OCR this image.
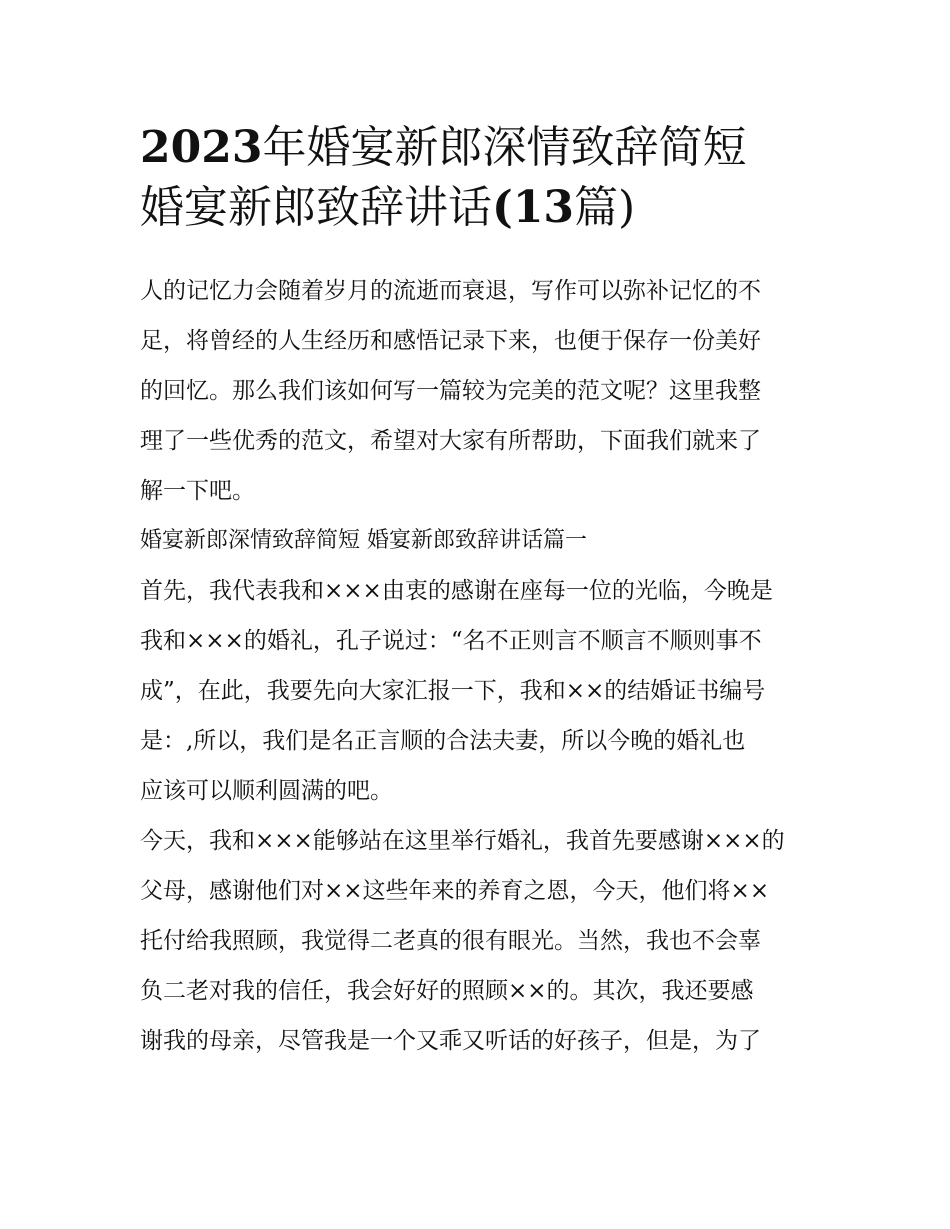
2023年婚宴新郎深情致辞简短
婚宴新郎致辞讲话(13篇)

人的记忆力会随着岁月的流逝而衰退，写作可以弥补记忆的不
足，将曾经的人生经历和感悟记录下来，也便于保存一份美好
的回忆。那么我们该如何写一篇较为完美的范文呢？这里我整
理了一些优秀的范文，希望对大家有所帮助，下面我们就来了
解一下吧。

婚宴新郎深情致辞简短 婚宴新郎致辞讲话篇一

首先，我代表我和×××由衷的感谢在座每一位的光临，今晚是
我和×××的婚礼，孔子说过：“名不正则言不顺言不顺则事不
成”，在此，我要先向大家汇报一下，我和××的结婚证书编号
是：,所以，我们是名正言顺的合法夫妻，所以今晚的婚礼也
应该可以顺利圆满的吧。

今天，我和×××能够站在这里举行婚礼，我首先要感谢×××的
父母，感谢他们对××这些年来的养育之恩，今天，他们将××
托付给我照顾，我觉得二老真的很有眼光。当然，我也不会辜
负二老对我的信任，我会好好的照顾××的。其次，我还要感
谢我的母亲，尽管我是一个又乖又听话的好孩子，但是，为了
